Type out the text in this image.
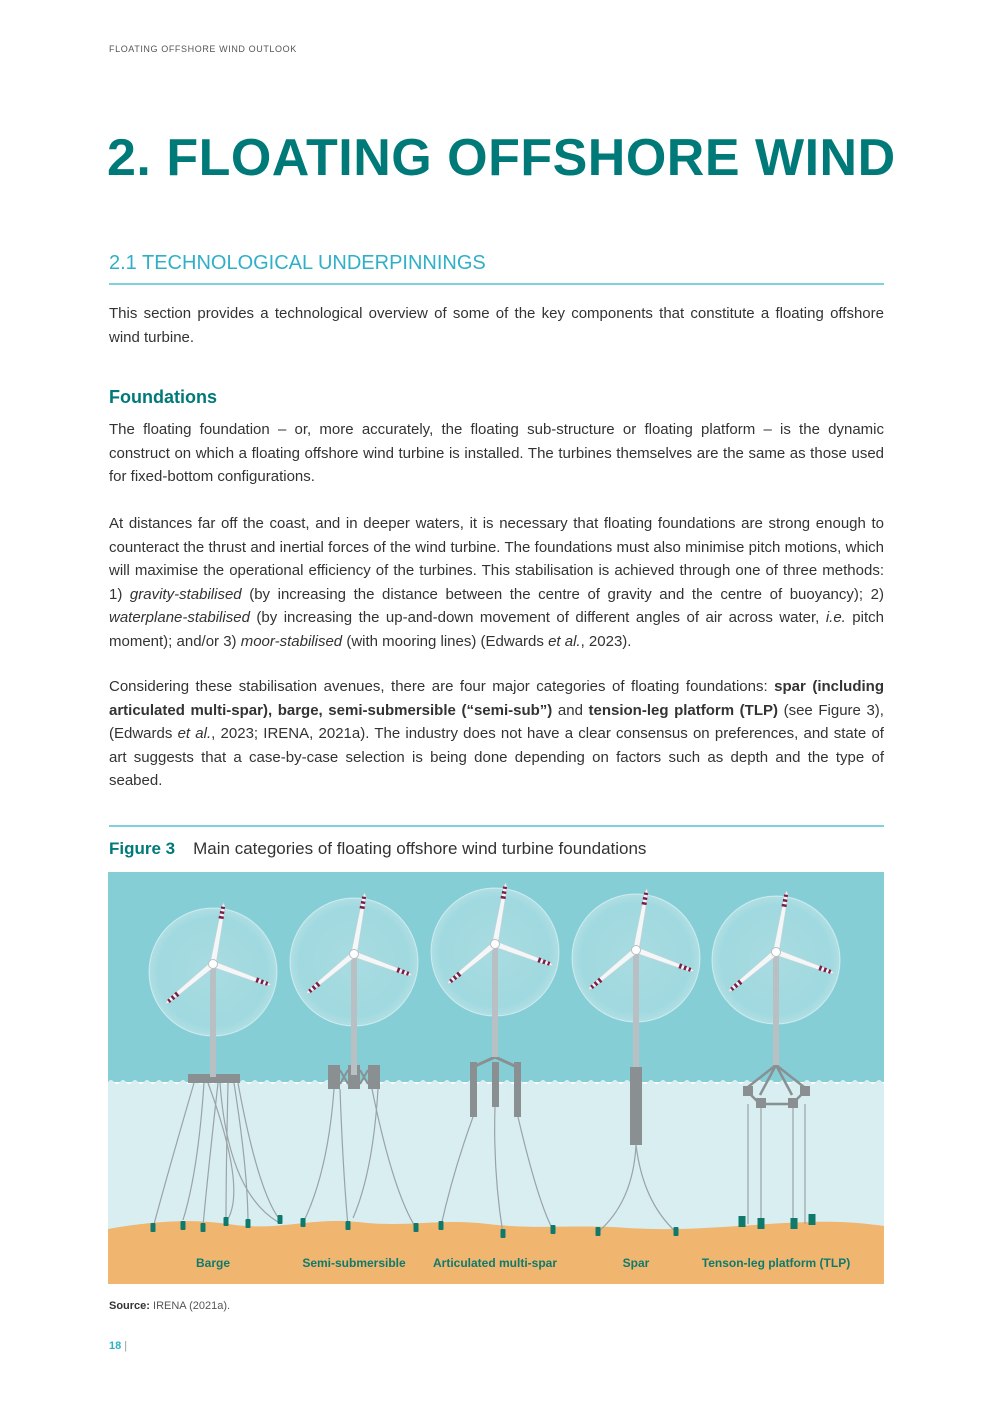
FLOATING OFFSHORE WIND OUTLOOK
2. FLOATING OFFSHORE WIND
2.1 TECHNOLOGICAL UNDERPINNINGS

This section provides a technological overview of some of the key components that constitute a floating offshore wind turbine.

Foundations

The floating foundation – or, more accurately, the floating sub-structure or floating platform – is the dynamic construct on which a floating offshore wind turbine is installed. The turbines themselves are the same as those used for fixed-bottom configurations.

At distances far off the coast, and in deeper waters, it is necessary that floating foundations are strong enough to counteract the thrust and inertial forces of the wind turbine. The foundations must also minimise pitch motions, which will maximise the operational efficiency of the turbines. This stabilisation is achieved through one of three methods: 1) gravity-stabilised (by increasing the distance between the centre of gravity and the centre of buoyancy); 2) waterplane-stabilised (by increasing the up-and-down movement of different angles of air across water, i.e. pitch moment); and/or 3) moor-stabilised (with mooring lines) (Edwards et al., 2023).

Considering these stabilisation avenues, there are four major categories of floating foundations: spar (including articulated multi-spar), barge, semi-submersible (“semi-sub”) and tension-leg platform (TLP) (see Figure 3), (Edwards et al., 2023; IRENA, 2021a). The industry does not have a clear consensus on preferences, and state of art suggests that a case-by-case selection is being done depending on factors such as depth and the type of seabed.

Figure 3 Main categories of floating offshore wind turbine foundations
Barge	Semi-submersible Articulated multi-spar	Spar	Tenson-leg platform (TLP)
Source: IRENA (2021a).
18 |
